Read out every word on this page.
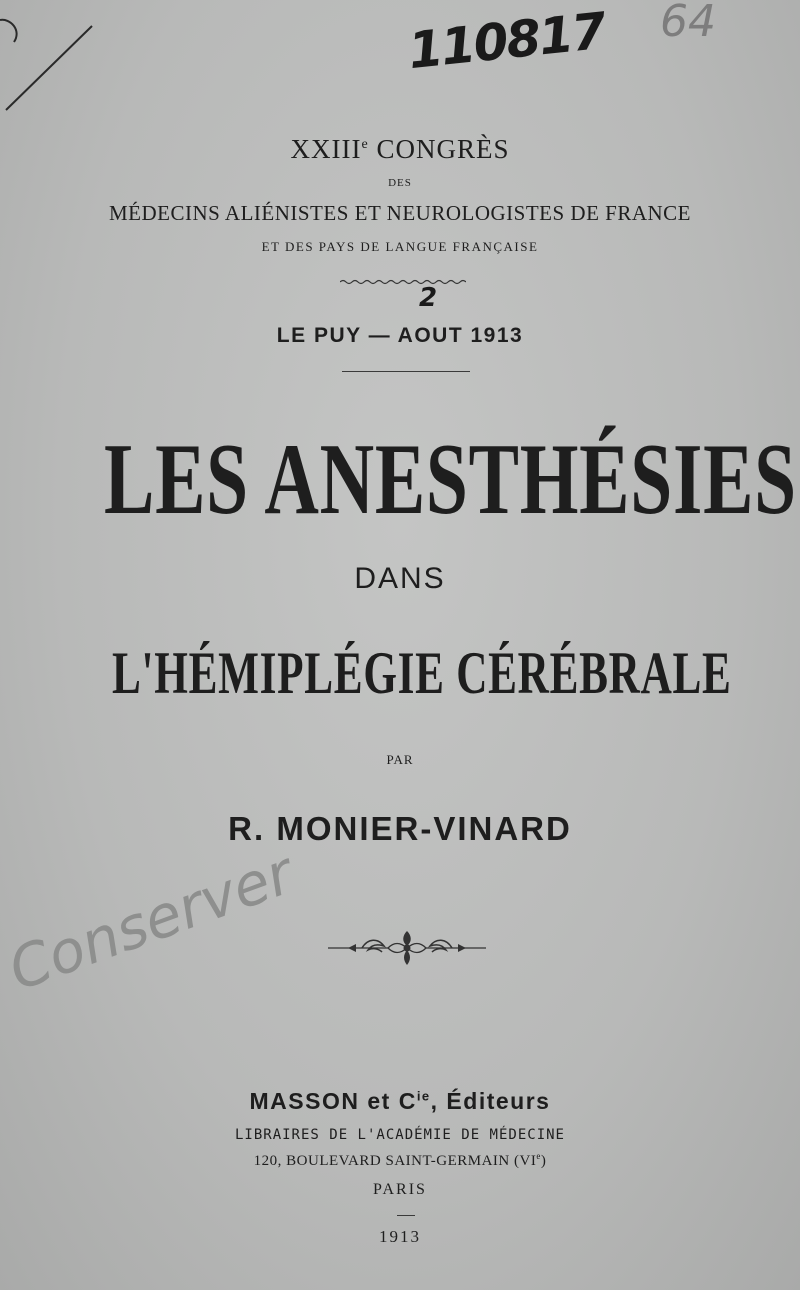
110817 64
XXIIIe CONGRÈS
DES
MÉDECINS ALIÉNISTES ET NEUROLOGISTES DE FRANCE
ET DES PAYS DE LANGUE FRANÇAISE
2
LE PUY — AOUT 1913
LES ANESTHÉSIES
DANS
L'HÉMIPLÉGIE CÉRÉBRALE
PAR
R. MONIER-VINARD
Conserver
MASSON et $C^{ie}$, Éditeurs
LIBRAIRES DE L'ACADÉMIE DE MÉDECINE
120, BOULEVARD SAINT-GERMAIN (VIe)
PARIS
1913
